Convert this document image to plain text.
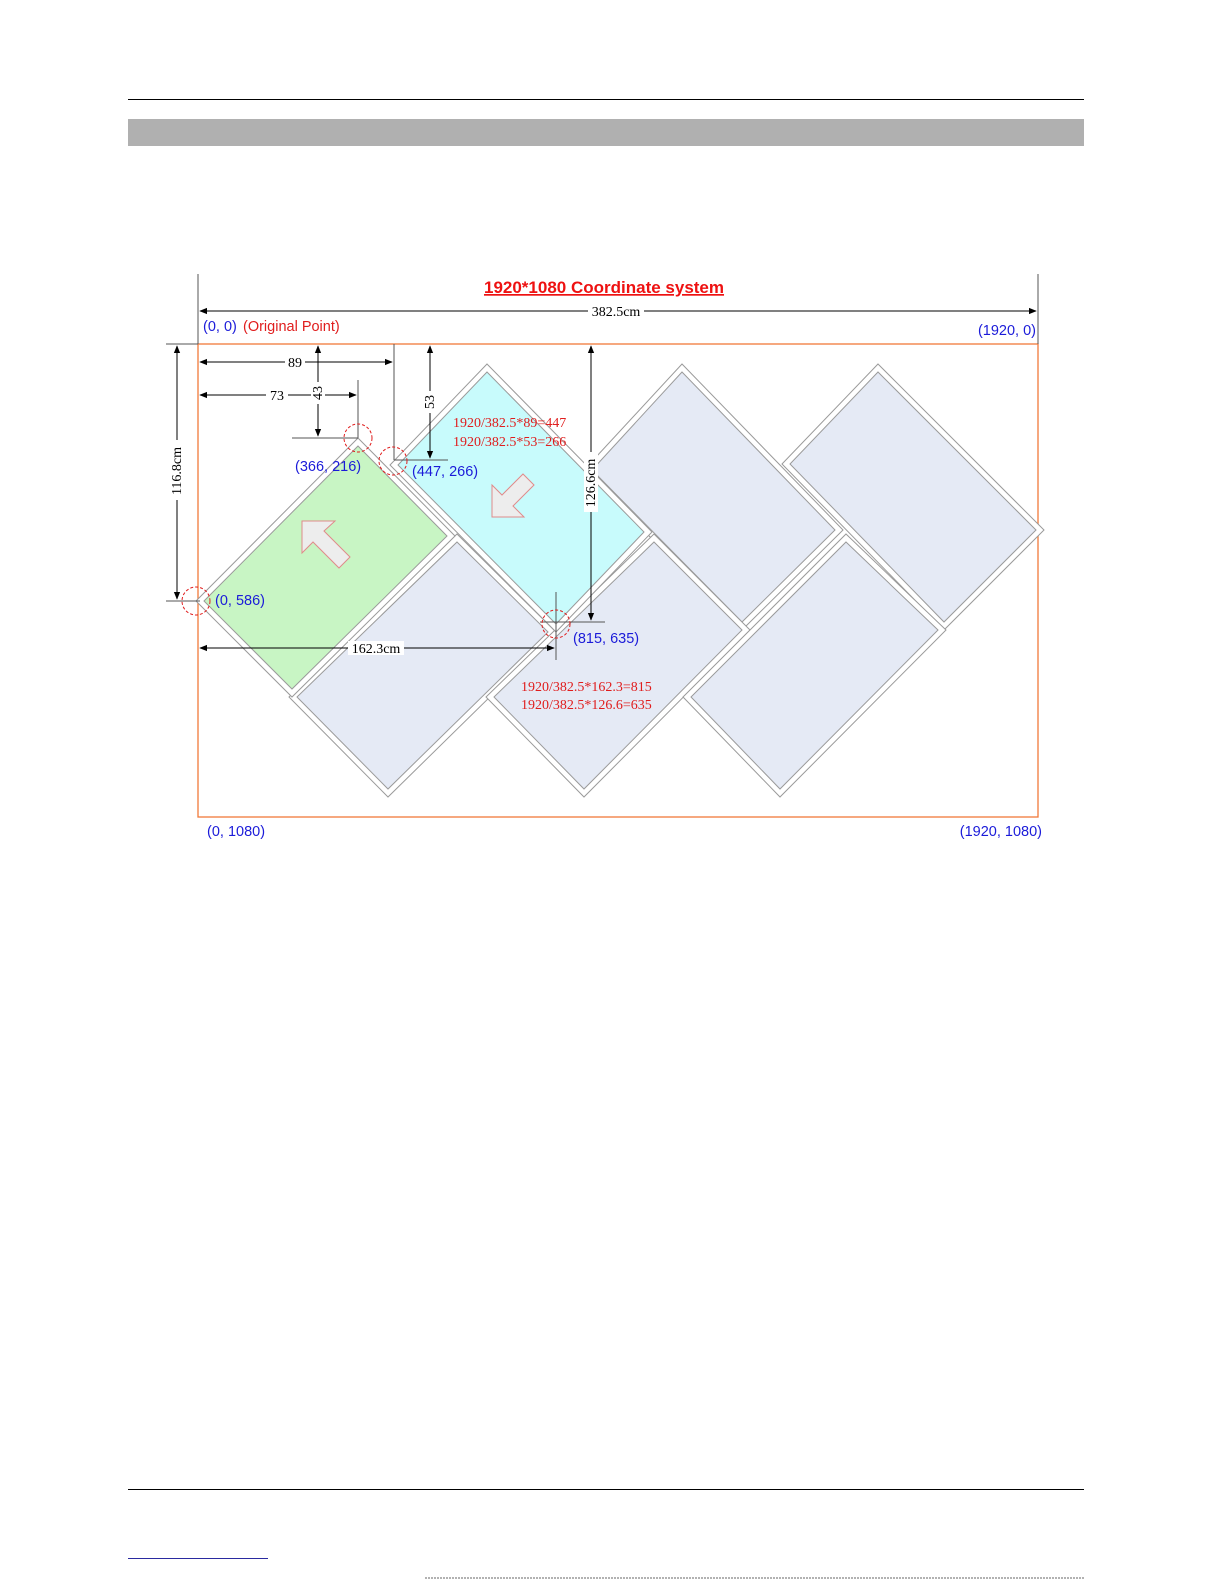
1920*1080 Coordinate system
382.5cm
(0, 0) (Original Point)	(1920, 0)
(0, 1080)	(1920, 1080)
116.8cm
89
73 43
53
126.6cm
162.3cm
(366, 216)	(447, 266)
(0, 586)
(815, 635)
1920/382.5*89=447
1920/382.5*53=266
1920/382.5*162.3=815
1920/382.5*126.6=635
